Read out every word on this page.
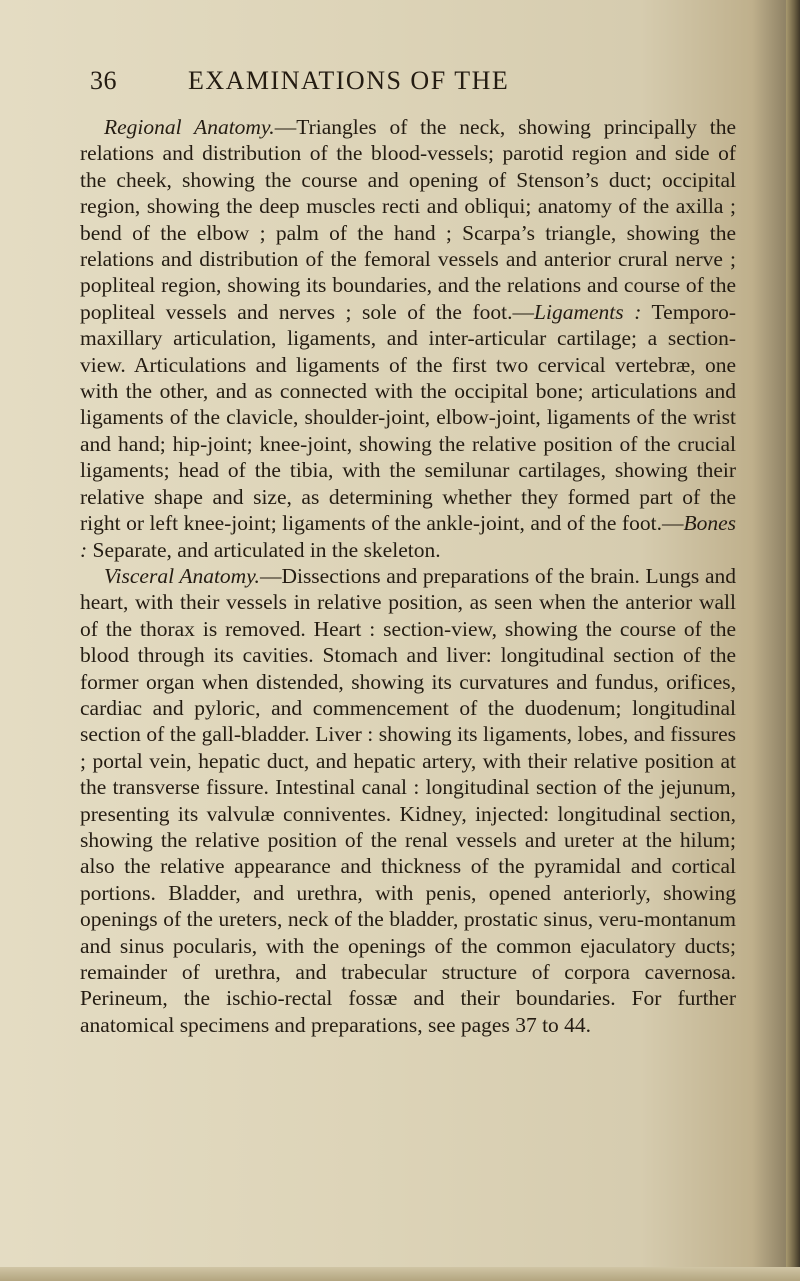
36	EXAMINATIONS OF THE

Regional Anatomy.—Triangles of the neck, showing principally the relations and distribution of the blood-vessels; parotid region and side of the cheek, showing the course and opening of Stenson’s duct; occipital region, showing the deep muscles recti and obliqui; anatomy of the axilla ; bend of the elbow ; palm of the hand ; Scarpa’s triangle, showing the relations and distribution of the femoral vessels and anterior crural nerve ; popliteal region, showing its boundaries, and the relations and course of the popliteal vessels and nerves ; sole of the foot.—Ligaments : Temporo-maxillary articulation, ligaments, and inter-articular cartilage; a section-view. Articulations and ligaments of the first two cervical vertebræ, one with the other, and as connected with the occipital bone; articulations and ligaments of the clavicle, shoulder-joint, elbow-joint, ligaments of the wrist and hand; hip-joint; knee-joint, showing the relative position of the crucial ligaments; head of the tibia, with the semilunar cartilages, showing their relative shape and size, as determining whether they formed part of the right or left knee-joint; ligaments of the ankle-joint, and of the foot.—Bones : Separate, and articulated in the skeleton.

Visceral Anatomy.—Dissections and preparations of the brain. Lungs and heart, with their vessels in relative position, as seen when the anterior wall of the thorax is removed. Heart : section-view, showing the course of the blood through its cavities. Stomach and liver: longitudinal section of the former organ when distended, showing its curvatures and fundus, orifices, cardiac and pyloric, and commencement of the duodenum; longitudinal section of the gall-bladder. Liver : showing its ligaments, lobes, and fissures ; portal vein, hepatic duct, and hepatic artery, with their relative position at the transverse fissure. Intestinal canal : longitudinal section of the jejunum, presenting its valvulæ conniventes. Kidney, injected: longitudinal section, showing the relative position of the renal vessels and ureter at the hilum; also the relative appearance and thickness of the pyramidal and cortical portions. Bladder, and urethra, with penis, opened anteriorly, showing openings of the ureters, neck of the bladder, prostatic sinus, veru-montanum and sinus pocularis, with the openings of the common ejaculatory ducts; remainder of urethra, and trabecular structure of corpora cavernosa. Perineum, the ischio-rectal fossæ and their boundaries. For further anatomical specimens and preparations, see pages 37 to 44.
